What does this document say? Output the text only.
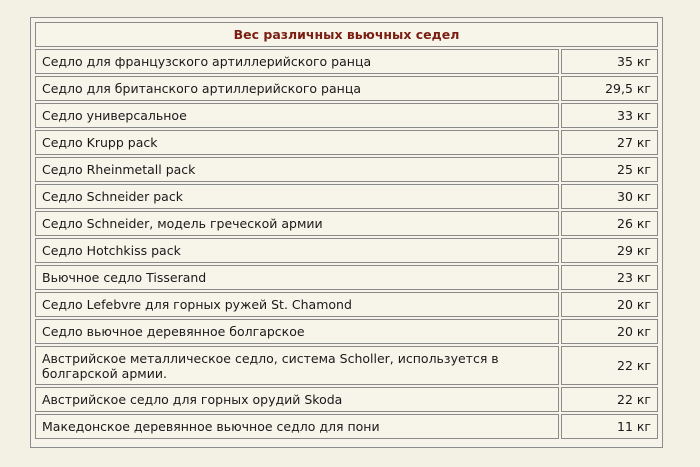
Вес различных вьючных седел	
Седло для французского артиллерийского ранца	35 кг
Седло для британского артиллерийского ранца	29,5 кг
Седло универсальное	33 кг
Седло Krupp pack	27 кг
Седло Rheinmetall pack	25 кг
Седло Schneider pack	30 кг
Седло Schneider, модель греческой армии	26 кг
Седло Hotchkiss pack	29 кг
Вьючное седло Tisserand	23 кг
Седло Lefebvre для горных ружей St. Chamond	20 кг
Седло вьючное деревянное болгарское	20 кг
Австрийское металлическое седло, система Scholler, используется в болгарской армии.	22 кг
Австрийское седло для горных орудий Skoda	22 кг
Македонское деревянное вьючное седло для пони	11 кг
